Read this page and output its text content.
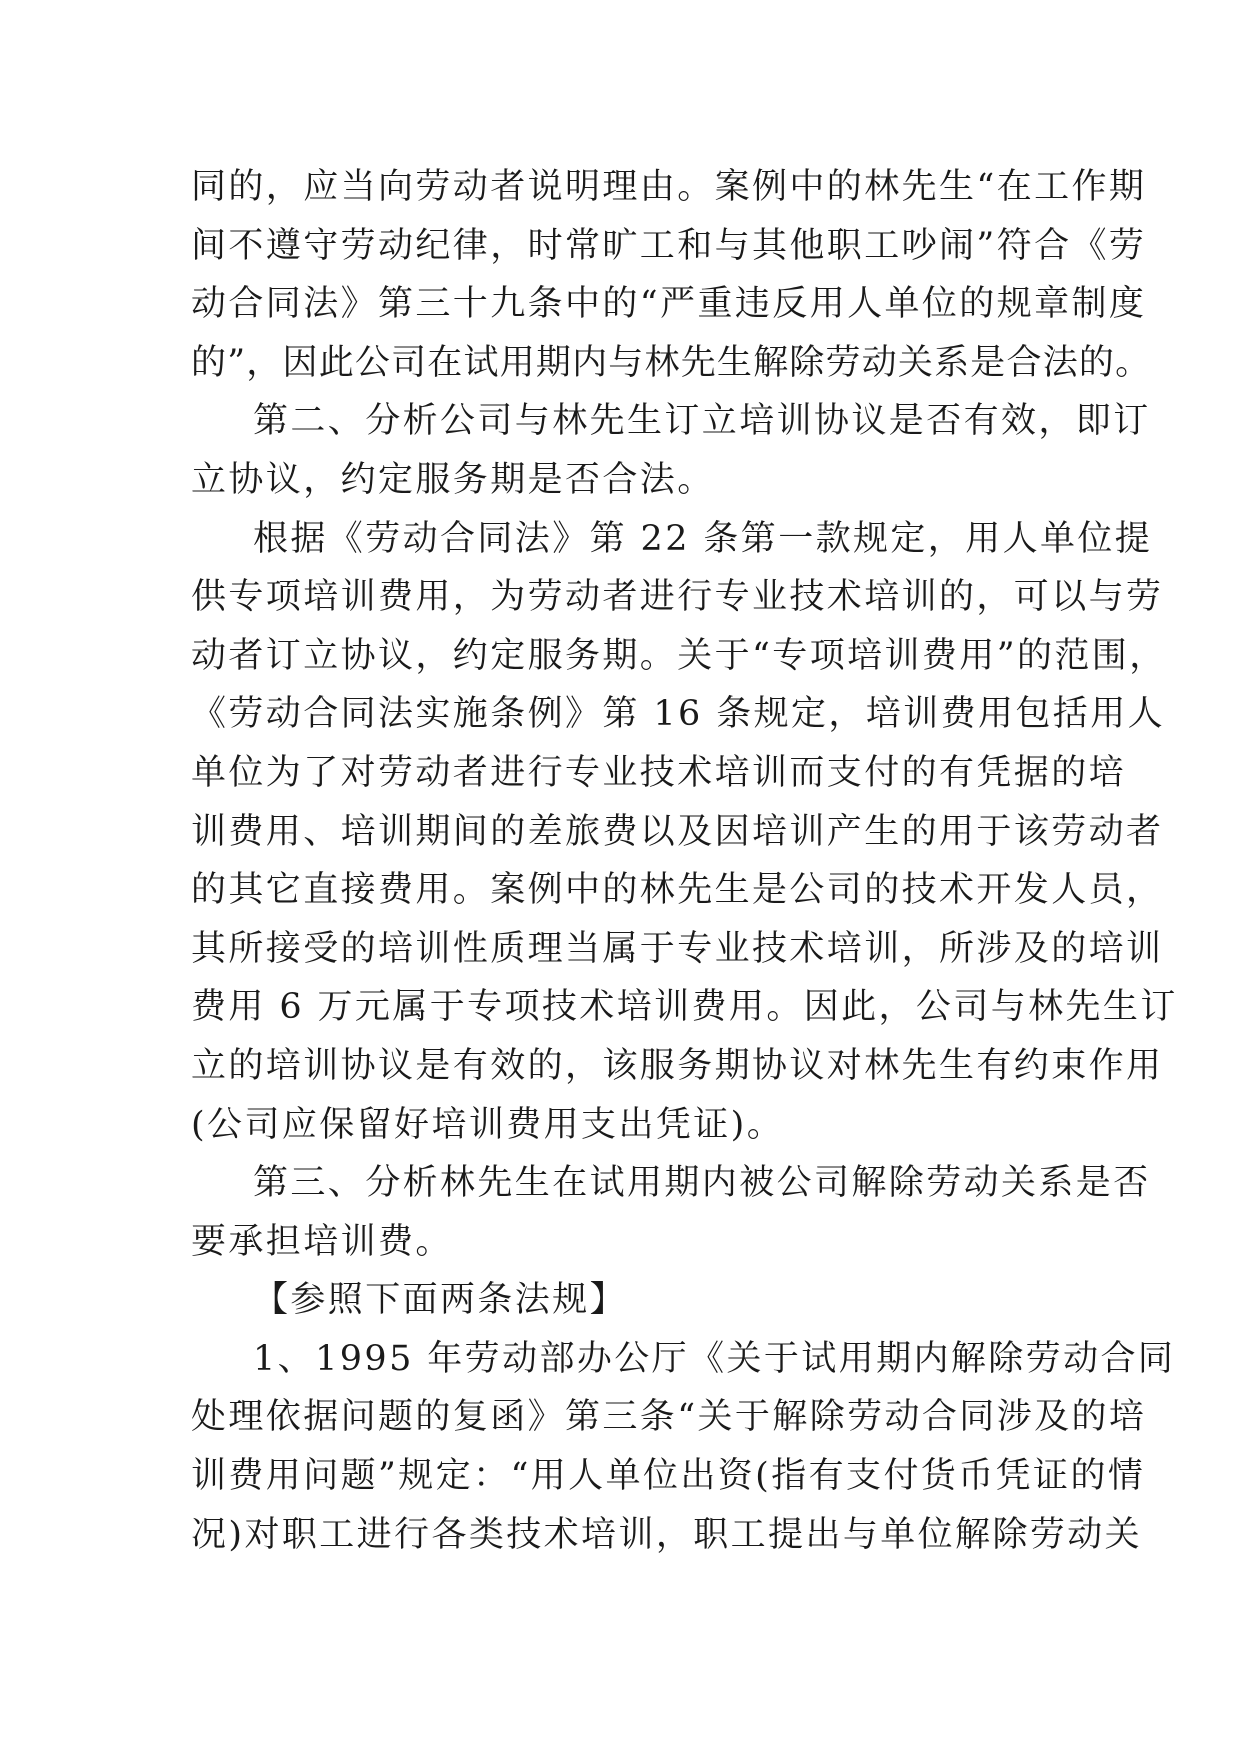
同的，应当向劳动者说明理由。案例中的林先生“在工作期
间不遵守劳动纪律，时常旷工和与其他职工吵闹”符合《劳
动合同法》第三十九条中的“严重违反用人单位的规章制度
的”，因此公司在试用期内与林先生解除劳动关系是合法的。

第二、分析公司与林先生订立培训协议是否有效，即订
立协议，约定服务期是否合法。

根据《劳动合同法》第 22 条第一款规定，用人单位提
供专项培训费用，为劳动者进行专业技术培训的，可以与劳
动者订立协议，约定服务期。关于“专项培训费用”的范围，
《劳动合同法实施条例》第 16 条规定，培训费用包括用人
单位为了对劳动者进行专业技术培训而支付的有凭据的培
训费用、培训期间的差旅费以及因培训产生的用于该劳动者
的其它直接费用。案例中的林先生是公司的技术开发人员，
其所接受的培训性质理当属于专业技术培训，所涉及的培训
费用 6 万元属于专项技术培训费用。因此，公司与林先生订
立的培训协议是有效的，该服务期协议对林先生有约束作用
(公司应保留好培训费用支出凭证)。

第三、分析林先生在试用期内被公司解除劳动关系是否
要承担培训费。

【参照下面两条法规】

1、1995 年劳动部办公厅《关于试用期内解除劳动合同
处理依据问题的复函》第三条“关于解除劳动合同涉及的培
训费用问题”规定：“用人单位出资(指有支付货币凭证的情
况)对职工进行各类技术培训，职工提出与单位解除劳动关
